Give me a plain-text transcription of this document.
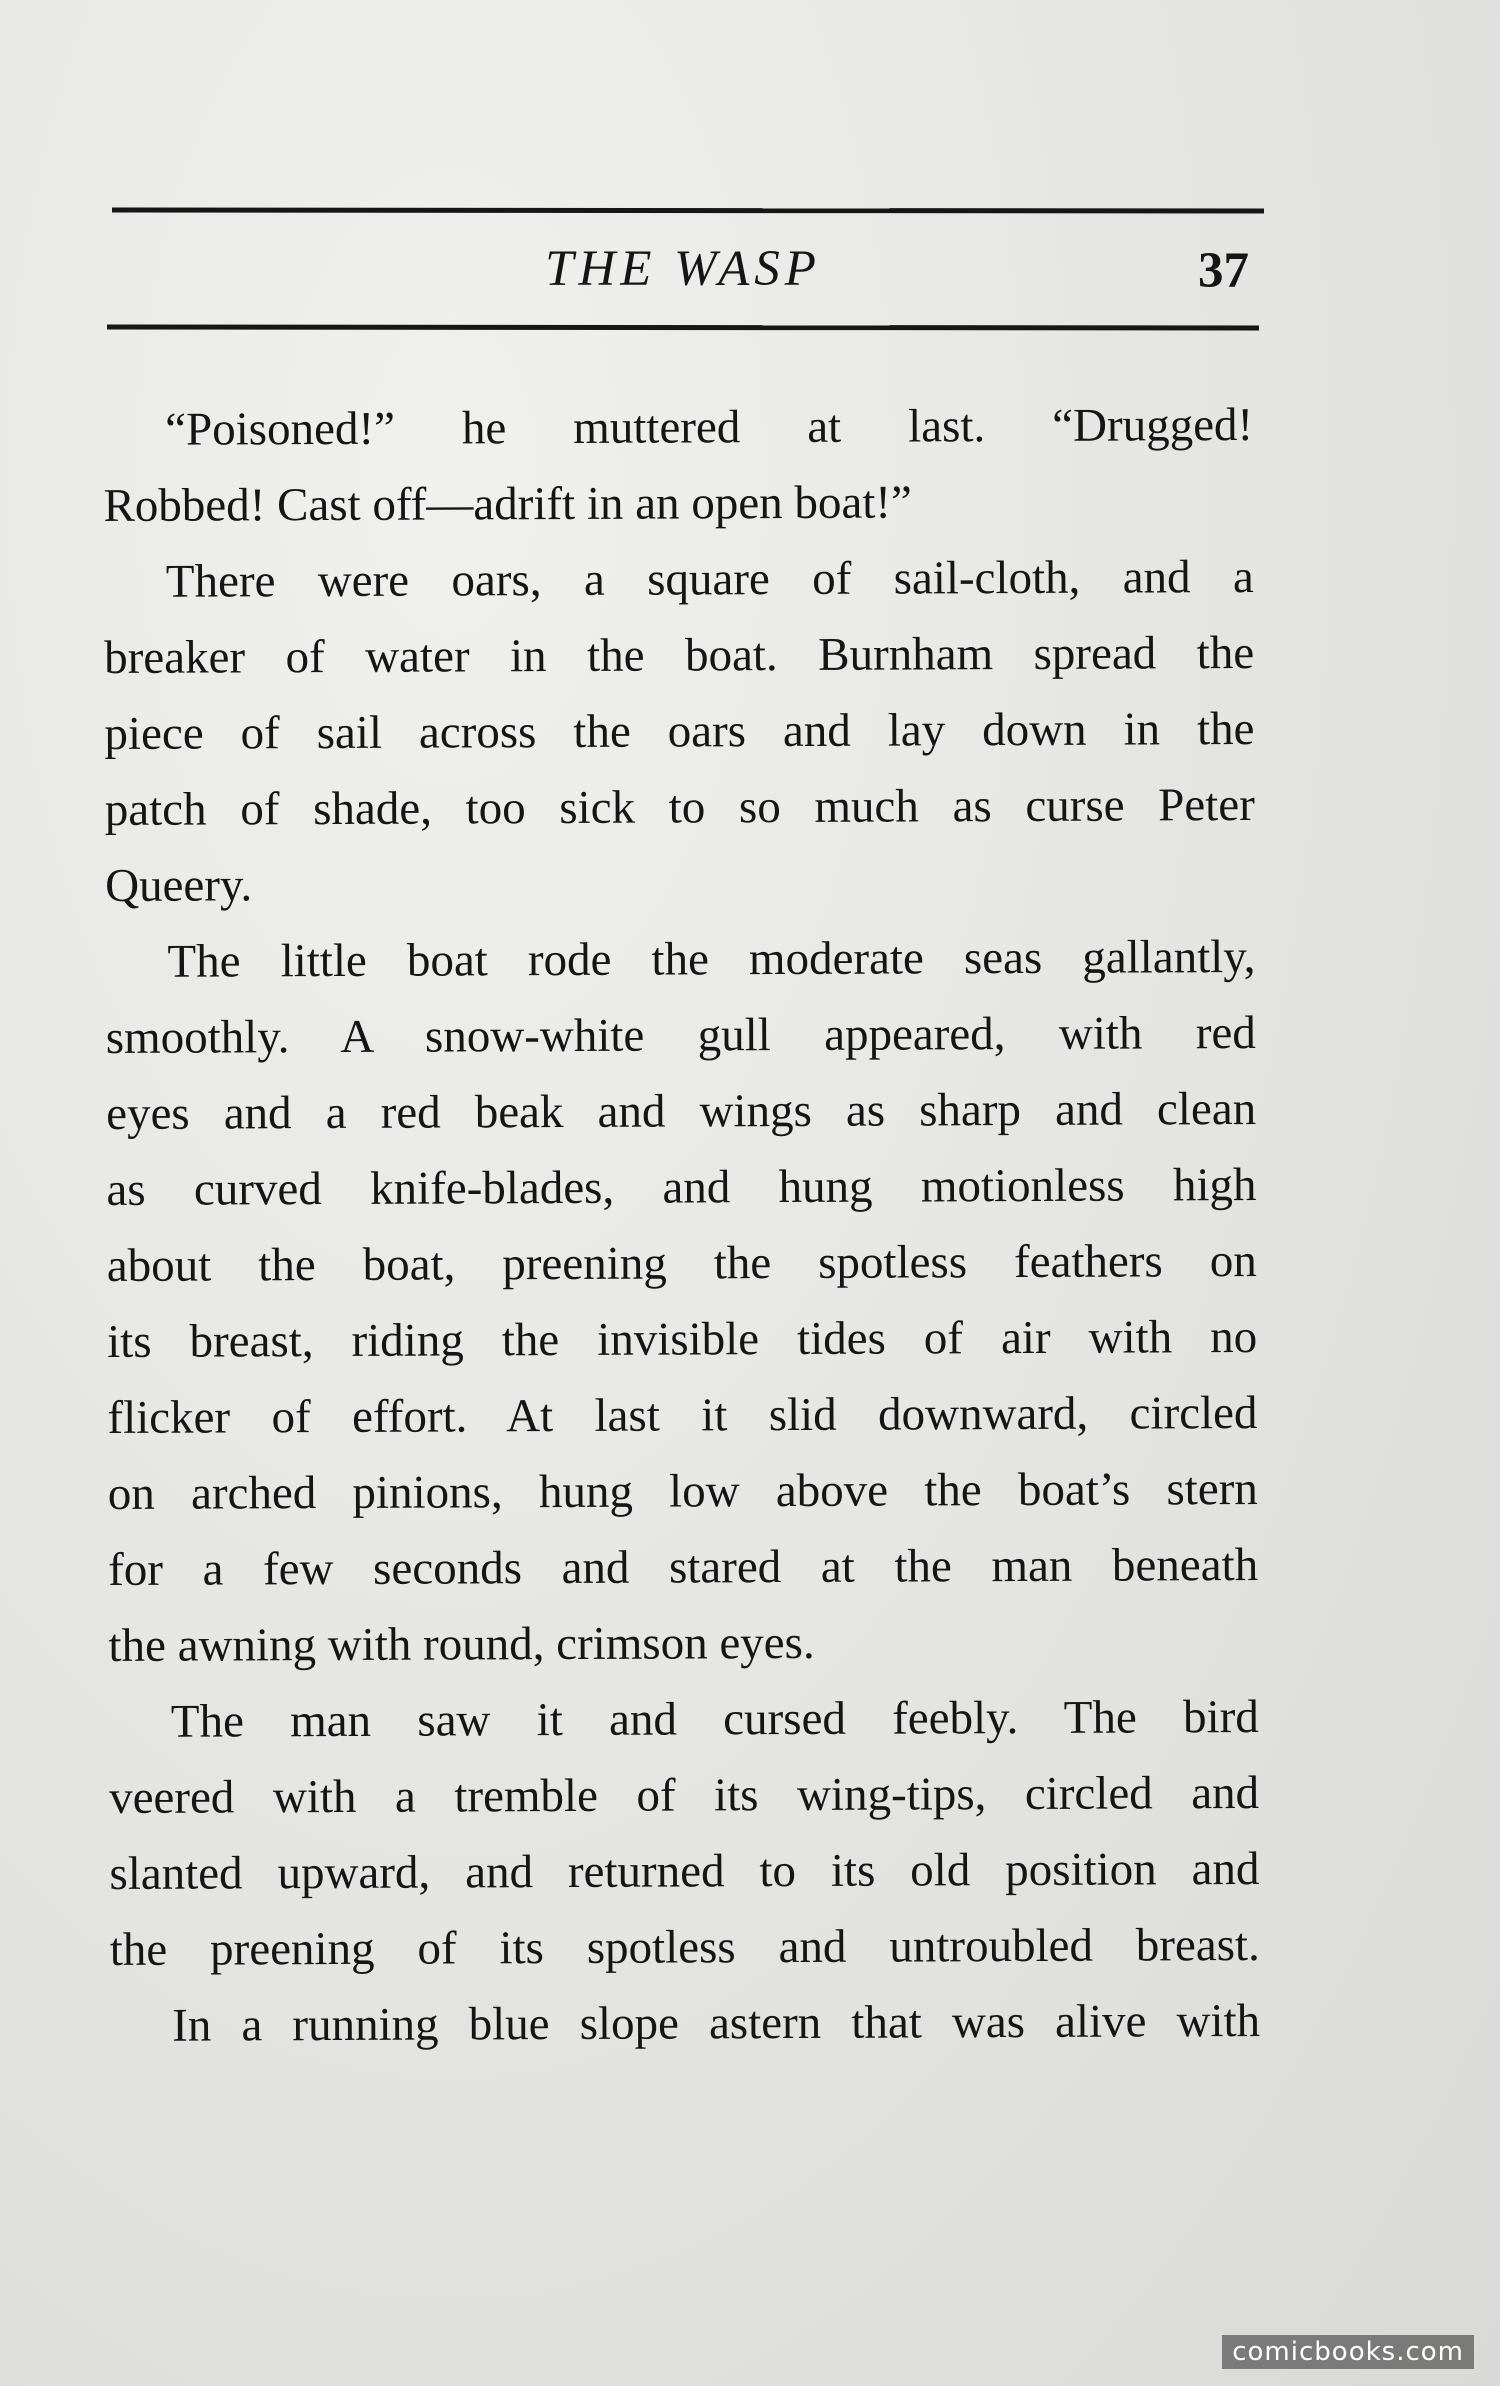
THE WASP	37
“Poisoned!” he muttered at last. “Drugged!
Robbed! Cast off—adrift in an open boat!”
There were oars, a square of sail-cloth, and a
breaker of water in the boat. Burnham spread the
piece of sail across the oars and lay down in the
patch of shade, too sick to so much as curse Peter
Queery.
The little boat rode the moderate seas gallantly,
smoothly. A snow-white gull appeared, with red
eyes and a red beak and wings as sharp and clean
as curved knife-blades, and hung motionless high
about the boat, preening the spotless feathers on
its breast, riding the invisible tides of air with no
flicker of effort. At last it slid downward, circled
on arched pinions, hung low above the boat’s stern
for a few seconds and stared at the man beneath
the awning with round, crimson eyes.
The man saw it and cursed feebly. The bird
veered with a tremble of its wing-tips, circled and
slanted upward, and returned to its old position and
the preening of its spotless and untroubled breast.
In a running blue slope astern that was alive with
comicbooks.com
